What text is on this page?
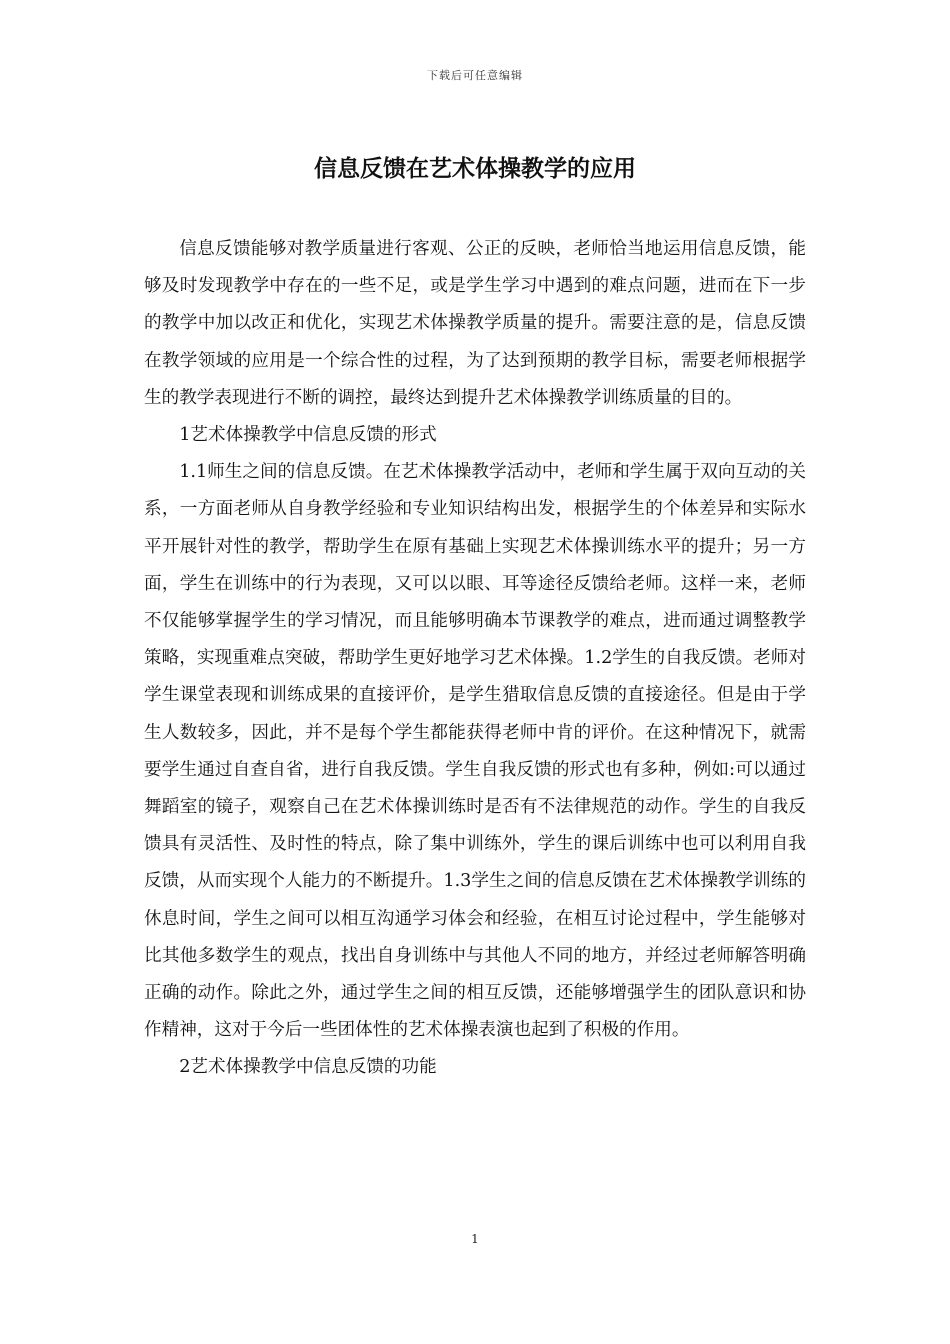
下载后可任意编辑
信息反馈在艺术体操教学的应用

信息反馈能够对教学质量进行客观、公正的反映，老师恰当地运用信息反馈，能够及时发现教学中存在的一些不足，或是学生学习中遇到的难点问题，进而在下一步的教学中加以改正和优化，实现艺术体操教学质量的提升。需要注意的是，信息反馈在教学领域的应用是一个综合性的过程，为了达到预期的教学目标，需要老师根据学生的教学表现进行不断的调控，最终达到提升艺术体操教学训练质量的目的。

1艺术体操教学中信息反馈的形式

1.1师生之间的信息反馈。在艺术体操教学活动中，老师和学生属于双向互动的关系，一方面老师从自身教学经验和专业知识结构出发，根据学生的个体差异和实际水平开展针对性的教学，帮助学生在原有基础上实现艺术体操训练水平的提升；另一方面，学生在训练中的行为表现，又可以以眼、耳等途径反馈给老师。这样一来，老师不仅能够掌握学生的学习情况，而且能够明确本节课教学的难点，进而通过调整教学策略，实现重难点突破，帮助学生更好地学习艺术体操。1.2学生的自我反馈。老师对学生课堂表现和训练成果的直接评价，是学生猎取信息反馈的直接途径。但是由于学生人数较多，因此，并不是每个学生都能获得老师中肯的评价。在这种情况下，就需要学生通过自查自省，进行自我反馈。学生自我反馈的形式也有多种，例如:可以通过舞蹈室的镜子，观察自己在艺术体操训练时是否有不法律规范的动作。学生的自我反馈具有灵活性、及时性的特点，除了集中训练外，学生的课后训练中也可以利用自我反馈，从而实现个人能力的不断提升。1.3学生之间的信息反馈在艺术体操教学训练的休息时间，学生之间可以相互沟通学习体会和经验，在相互讨论过程中，学生能够对比其他多数学生的观点，找出自身训练中与其他人不同的地方，并经过老师解答明确正确的动作。除此之外，通过学生之间的相互反馈，还能够增强学生的团队意识和协作精神，这对于今后一些团体性的艺术体操表演也起到了积极的作用。

2艺术体操教学中信息反馈的功能

1
